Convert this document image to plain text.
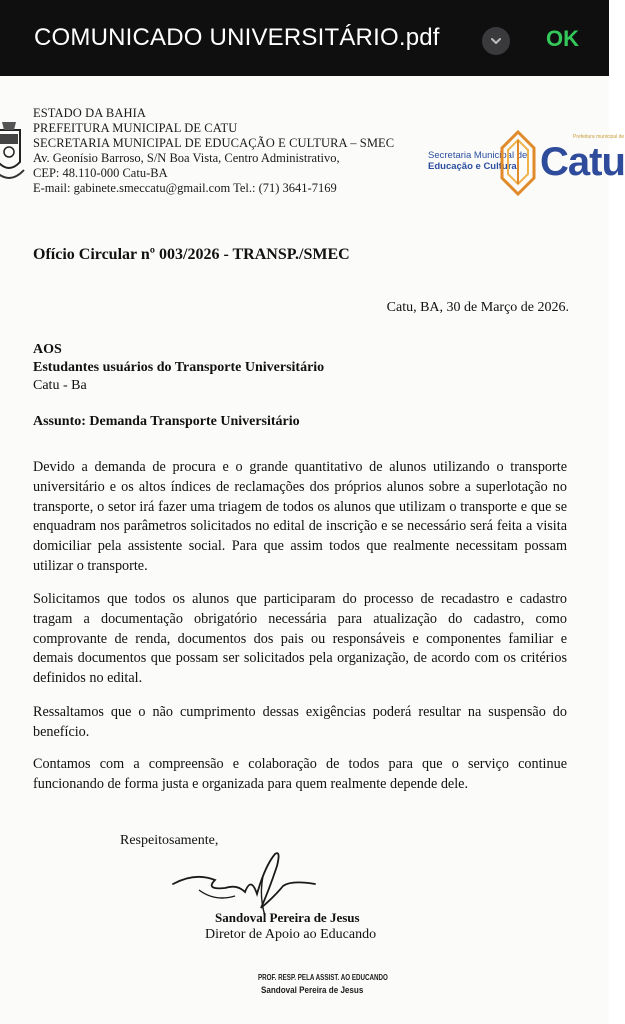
COMUNICADO UNIVERSITÁRIO.pdf	OK
ESTADO DA BAHIA
PREFEITURA MUNICIPAL DE CATU
SECRETARIA MUNICIPAL DE EDUCAÇÃO E CULTURA – SMEC
Av. Geonísio Barroso, S/N Boa Vista, Centro Administrativo,
CEP: 48.110-000 Catu-BA
E-mail: gabinete.smeccatu@gmail.com Tel.: (71) 3641-7169
Secretaria Municipal de
Educação e Cultura
Prefeitura municipal de
Catu
Ofício Circular nº 003/2026 - TRANSP./SMEC
Catu, BA, 30 de Março de 2026.
AOS
Estudantes usuários do Transporte Universitário
Catu - Ba
Assunto: Demanda Transporte Universitário

Devido a demanda de procura e o grande quantitativo de alunos utilizando o transporte universitário e os altos índices de reclamações dos próprios alunos sobre a superlotação no transporte, o setor irá fazer uma triagem de todos os alunos que utilizam o transporte e que se enquadram nos parâmetros solicitados no edital de inscrição e se necessário será feita a visita domiciliar pela assistente social. Para que assim todos que realmente necessitam possam utilizar o transporte.

Solicitamos que todos os alunos que participaram do processo de recadastro e cadastro tragam a documentação obrigatório necessária para atualização do cadastro, como comprovante de renda, documentos dos pais ou responsáveis e componentes familiar e demais documentos que possam ser solicitados pela organização, de acordo com os critérios definidos no edital.

Ressaltamos que o não cumprimento dessas exigências poderá resultar na suspensão do benefício.

Contamos com a compreensão e colaboração de todos para que o serviço continue funcionando de forma justa e organizada para quem realmente depende dele.

Respeitosamente,
Sandoval Pereira de Jesus
Diretor de Apoio ao Educando
PROF. RESP. PELA ASSIST. AO EDUCANDO
Sandoval Pereira de Jesus
